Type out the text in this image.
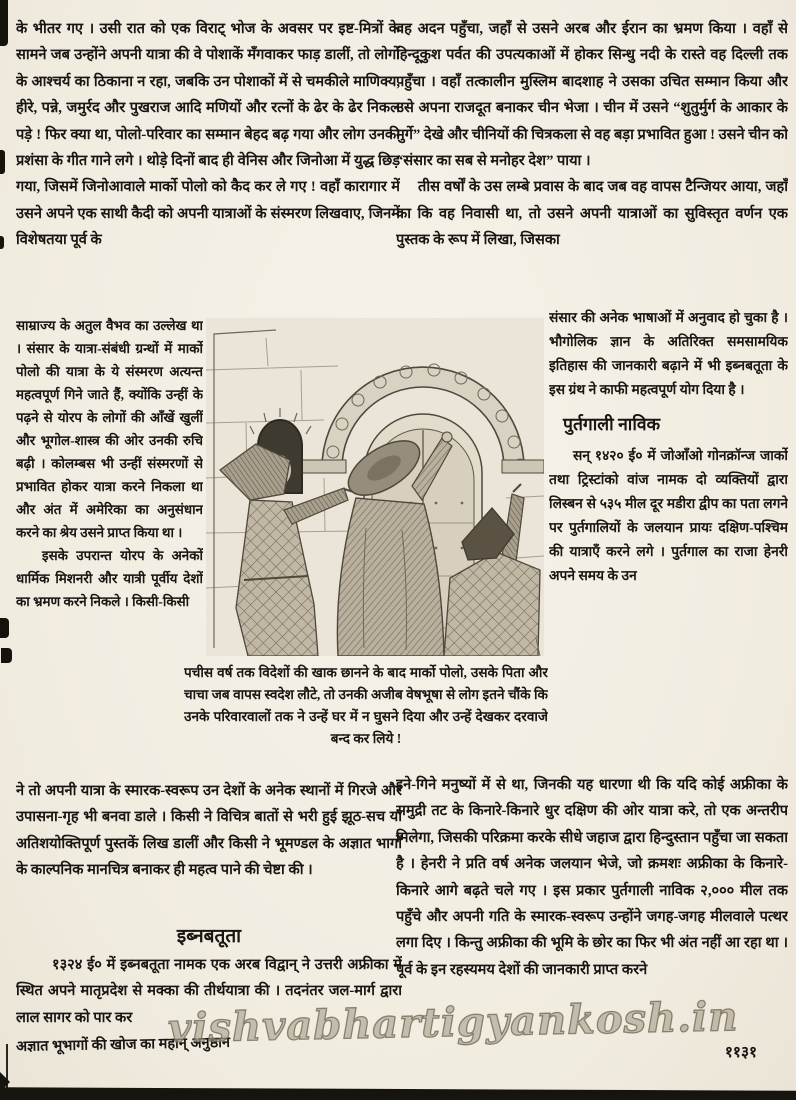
के भीतर गए । उसी रात को एक विराट् भोज के अवसर पर इष्ट-मित्रों के सामने जब उन्होंने अपनी यात्रा की वे पोशाकें मँगवाकर फाड़ डालीं, तो लोगों के आश्चर्य का ठिकाना न रहा, जबकि उन पोशाकों में से चमकीले माणिक्य, हीरे, पन्ने, जमुर्रद और पुखराज आदि मणियों और रत्नों के ढेर के ढेर निकल पड़े ! फिर क्या था, पोलो-परिवार का सम्मान बेहद बढ़ गया और लोग उनकी प्रशंसा के गीत गाने लगे । थोड़े दिनों बाद ही वेनिस और जिनोआ में युद्ध छिड़ गया, जिसमें जिनोआवाले मार्को पोलो को कैद कर ले गए ! वहाँ कारागार में उसने अपने एक साथी कैदी को अपनी यात्राओं के संस्मरण लिखवाए, जिनमें विशेषतया पूर्व के

साम्राज्य के अतुल वैभव का उल्लेख था । संसार के यात्रा-संबंधी ग्रन्थों में मार्को पोलो की यात्रा के ये संस्मरण अत्यन्त महत्वपूर्ण गिने जाते हैं, क्योंकि उन्हीं के पढ़ने से योरप के लोगों की आँखें खुलीं और भूगोल-शास्त्र की ओर उनकी रुचि बढ़ी । कोलम्बस भी उन्हीं संस्मरणों से प्रभावित होकर यात्रा करने निकला था और अंत में अमेरिका का अनुसंधान करने का श्रेय उसने प्राप्त किया था ।

इसके उपरान्त योरप के अनेकों धार्मिक मिशनरी और यात्री पूर्वीय देशों का भ्रमण करने निकले । किसी-किसी

पचीस वर्ष तक विदेशों की खाक छानने के बाद मार्को पोलो, उसके पिता और चाचा जब वापस स्वदेश लौटे, तो उनकी अजीब वेषभूषा से लोग इतने चौंके कि उनके परिवारवालों तक ने उन्हें घर में न घुसने दिया और उन्हें देखकर दरवाजे बन्द कर लिये !

ने तो अपनी यात्रा के स्मारक-स्वरूप उन देशों के अनेक स्थानों में गिरजे और उपासना-गृह भी बनवा डाले । किसी ने विचित्र बातों से भरी हुई झूठ-सच या अतिशयोक्तिपूर्ण पुस्तकें लिख डालीं और किसी ने भूमण्डल के अज्ञात भागों के काल्पनिक मानचित्र बनाकर ही महत्व पाने की चेष्टा की ।

इब्नबतूता

१३२४ ई० में इब्नबतूता नामक एक अरब विद्वान् ने उत्तरी अफ्रीका में स्थित अपने मातृप्रदेश से मक्का की तीर्थयात्रा की । तदनंतर जल-मार्ग द्वारा लाल सागर को पार कर

वह अदन पहुँचा, जहाँ से उसने अरब और ईरान का भ्रमण किया । वहाँ से हिन्दूकुश पर्वत की उपत्यकाओं में होकर सिन्धु नदी के रास्ते वह दिल्ली तक पहुँचा । वहाँ तत्कालीन मुस्लिम बादशाह ने उसका उचित सम्मान किया और उसे अपना राजदूत बनाकर चीन भेजा । चीन में उसने “शुतुर्मुर्ग के आकार के मुर्गे” देखे और चीनियों की चित्रकला से वह बड़ा प्रभावित हुआ ! उसने चीन को “संसार का सब से मनोहर देश” पाया ।

तीस वर्षों के उस लम्बे प्रवास के बाद जब वह वापस टैन्जियर आया, जहाँ का कि वह निवासी था, तो उसने अपनी यात्राओं का सुविस्तृत वर्णन एक पुस्तक के रूप में लिखा, जिसका

संसार की अनेक भाषाओं में अनुवाद हो चुका है । भौगोलिक ज्ञान के अतिरिक्त समसामयिक इतिहास की जानकारी बढ़ाने में भी इब्नबतूता के इस ग्रंथ ने काफी महत्वपूर्ण योग दिया है ।

पुर्तगाली नाविक

सन् १४२० ई० में जोआँओ गोनक्रॉन्ज जार्को तथा ट्रिस्टांको वांज नामक दो व्यक्तियों द्वारा लिस्बन से ५३५ मील दूर मडीरा द्वीप का पता लगने पर पुर्तगालियों के जलयान प्रायः दक्षिण-पश्चिम की यात्राएँ करने लगे । पुर्तगाल का राजा हेनरी अपने समय के उन

इने-गिने मनुष्यों में से था, जिनकी यह धारणा थी कि यदि कोई अफ्रीका के समुद्री तट के किनारे-किनारे धुर दक्षिण की ओर यात्रा करे, तो एक अन्तरीप मिलेगा, जिसकी परिक्रमा करके सीधे जहाज द्वारा हिन्दुस्तान पहुँचा जा सकता है । हेनरी ने प्रति वर्ष अनेक जलयान भेजे, जो क्रमशः अफ्रीका के किनारे-किनारे आगे बढ़ते चले गए । इस प्रकार पुर्तगाली नाविक २,००० मील तक पहुँचे और अपनी गति के स्मारक-स्वरूप उन्होंने जगह-जगह मीलवाले पत्थर लगा दिए । किन्तु अफ्रीका की भूमि के छोर का फिर भी अंत नहीं आ रहा था । पूर्व के इन रहस्यमय देशों की जानकारी प्राप्त करने

अज्ञात भूभागों की खोज का महान् अनुष्ठान	११३१
vishvabhartigyankosh.in
